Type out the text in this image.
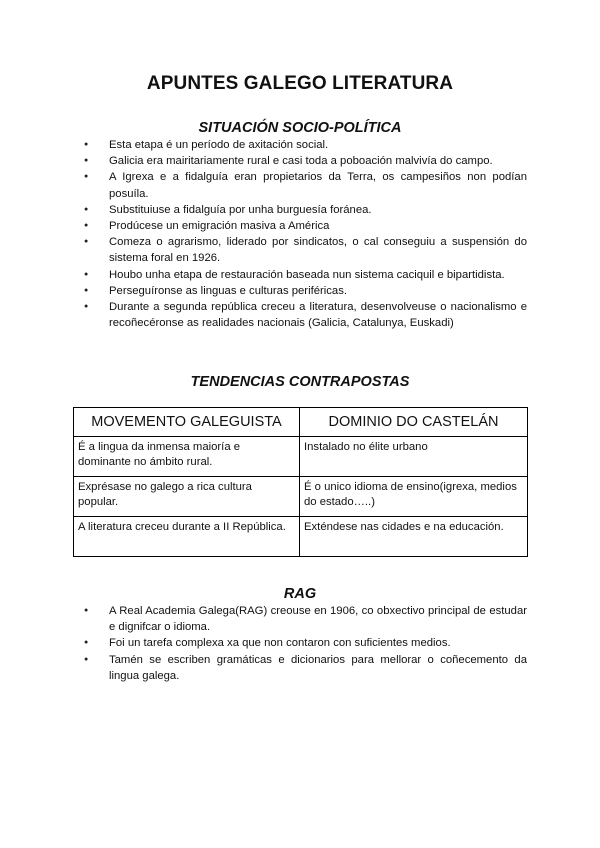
APUNTES GALEGO LITERATURA
SITUACIÓN SOCIO-POLÍTICA
● Esta etapa é un período de axitación social.
● Galicia era mairitariamente rural e casi toda a poboación malvivía do campo.
● A Igrexa e a fidalguía eran propietarios da Terra, os campesiños non podían posuíla.
● Substituiuse a fidalguía por unha burguesía foránea.
● Prodúcese un emigración masiva a América
● Comeza o agrarismo, liderado por sindicatos, o cal conseguiu a suspensión do sistema foral en 1926.
● Houbo unha etapa de restauración baseada nun sistema caciquil e bipartidista.
● Perseguíronse as linguas e culturas periféricas.
● Durante a segunda república creceu a literatura, desenvolveuse o nacionalismo e recoñecéronse as realidades nacionais (Galicia, Catalunya, Euskadi)
TENDENCIAS CONTRAPOSTAS
MOVEMENTO GALEGUISTA	DOMINIO DO CASTELÁN
É a lingua da inmensa maioría e dominante no ámbito rural.	Instalado no élite urbano
Exprésase no galego a rica cultura popular.	É o unico idioma de ensino(igrexa, medios do estado…..)
A literatura creceu durante a II República.	Exténdese nas cidades e na educación.
RAG
● A Real Academia Galega(RAG) creouse en 1906, co obxectivo principal de estudar e dignifcar o idioma.
● Foi un tarefa complexa xa que non contaron con suficientes medios.
● Tamén se escriben gramáticas e dicionarios para mellorar o coñecemento da lingua galega.
